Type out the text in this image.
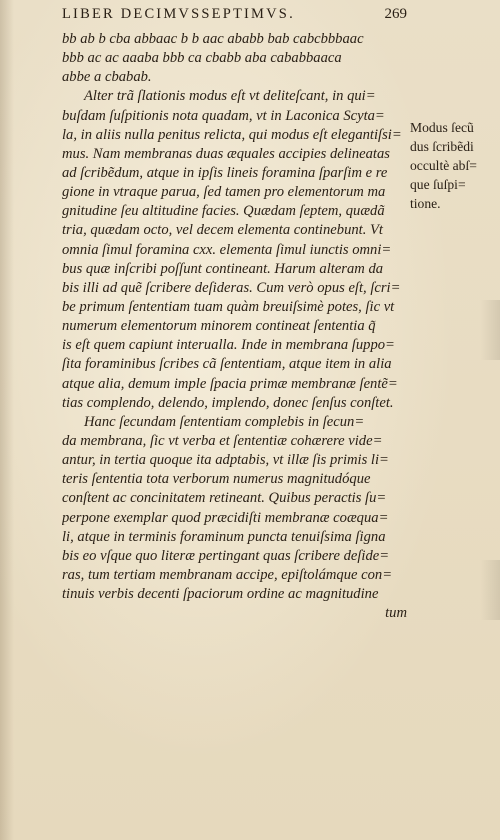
LIBER DECIMVSSEPTIMVS.	269
bb ab b cba abbaac b b aac ababb bab cabcbbbaac
bbb ac ac aaaba bbb ca cbabb aba cababbaaca
abbe a cbabab.
Alter trã ſlationis modus eſt vt deliteſcant, in qui=
buſdam ſuſpitionis nota quadam, vt in Laconica Scyta=
la, in aliis nulla penitus relicta, qui modus eſt elegantiſsi=
mus. Nam membranas duas æquales accipies delineatas
ad ſcribẽdum, atque in ipſis lineis foramina ſparſim e re
gione in vtraque parua, ſed tamen pro elementorum ma
gnitudine ſeu altitudine facies. Quædam ſeptem, quædã
tria, quædam octo, vel decem elementa continebunt. Vt
omnia ſimul foramina cxx. elementa ſimul iunctis omni=
bus quæ inſcribi poſſunt contineant. Harum alteram da
bis illi ad quẽ ſcribere deſideras. Cum verò opus eſt, ſcri=
be primum ſententiam tuam quàm breuiſsimè potes, ſic vt
numerum elementorum minorem contineat ſententia q̃
is eſt quem capiunt interualla. Inde in membrana ſuppo=
ſita foraminibus ſcribes cã ſententiam, atque item in alia
atque alia, demum imple ſpacia primæ membranæ ſentẽ=
tias complendo, delendo, implendo, donec ſenſus conſtet.
Hanc ſecundam ſententiam complebis in ſecun=
da membrana, ſic vt verba et ſententiæ cohærere vide=
antur, in tertia quoque ita adptabis, vt illæ ſis primis li=
teris ſententia tota verborum numerus magnitudóque
conſtent ac concinitatem retineant. Quibus peractis ſu=
perpone exemplar quod præcidiſti membranæ coæqua=
li, atque in terminis foraminum puncta tenuiſsima ſigna
bis eo vſque quo literæ pertingant quas ſcribere deſide=
ras, tum tertiam membranam accipe, epiſtolámque con=
tinuis verbis decenti ſpaciorum ordine ac magnitudine
tum
Modus ſecũ
dus ſcribẽdi
occultè abſ=
que ſuſpi=
tione.
